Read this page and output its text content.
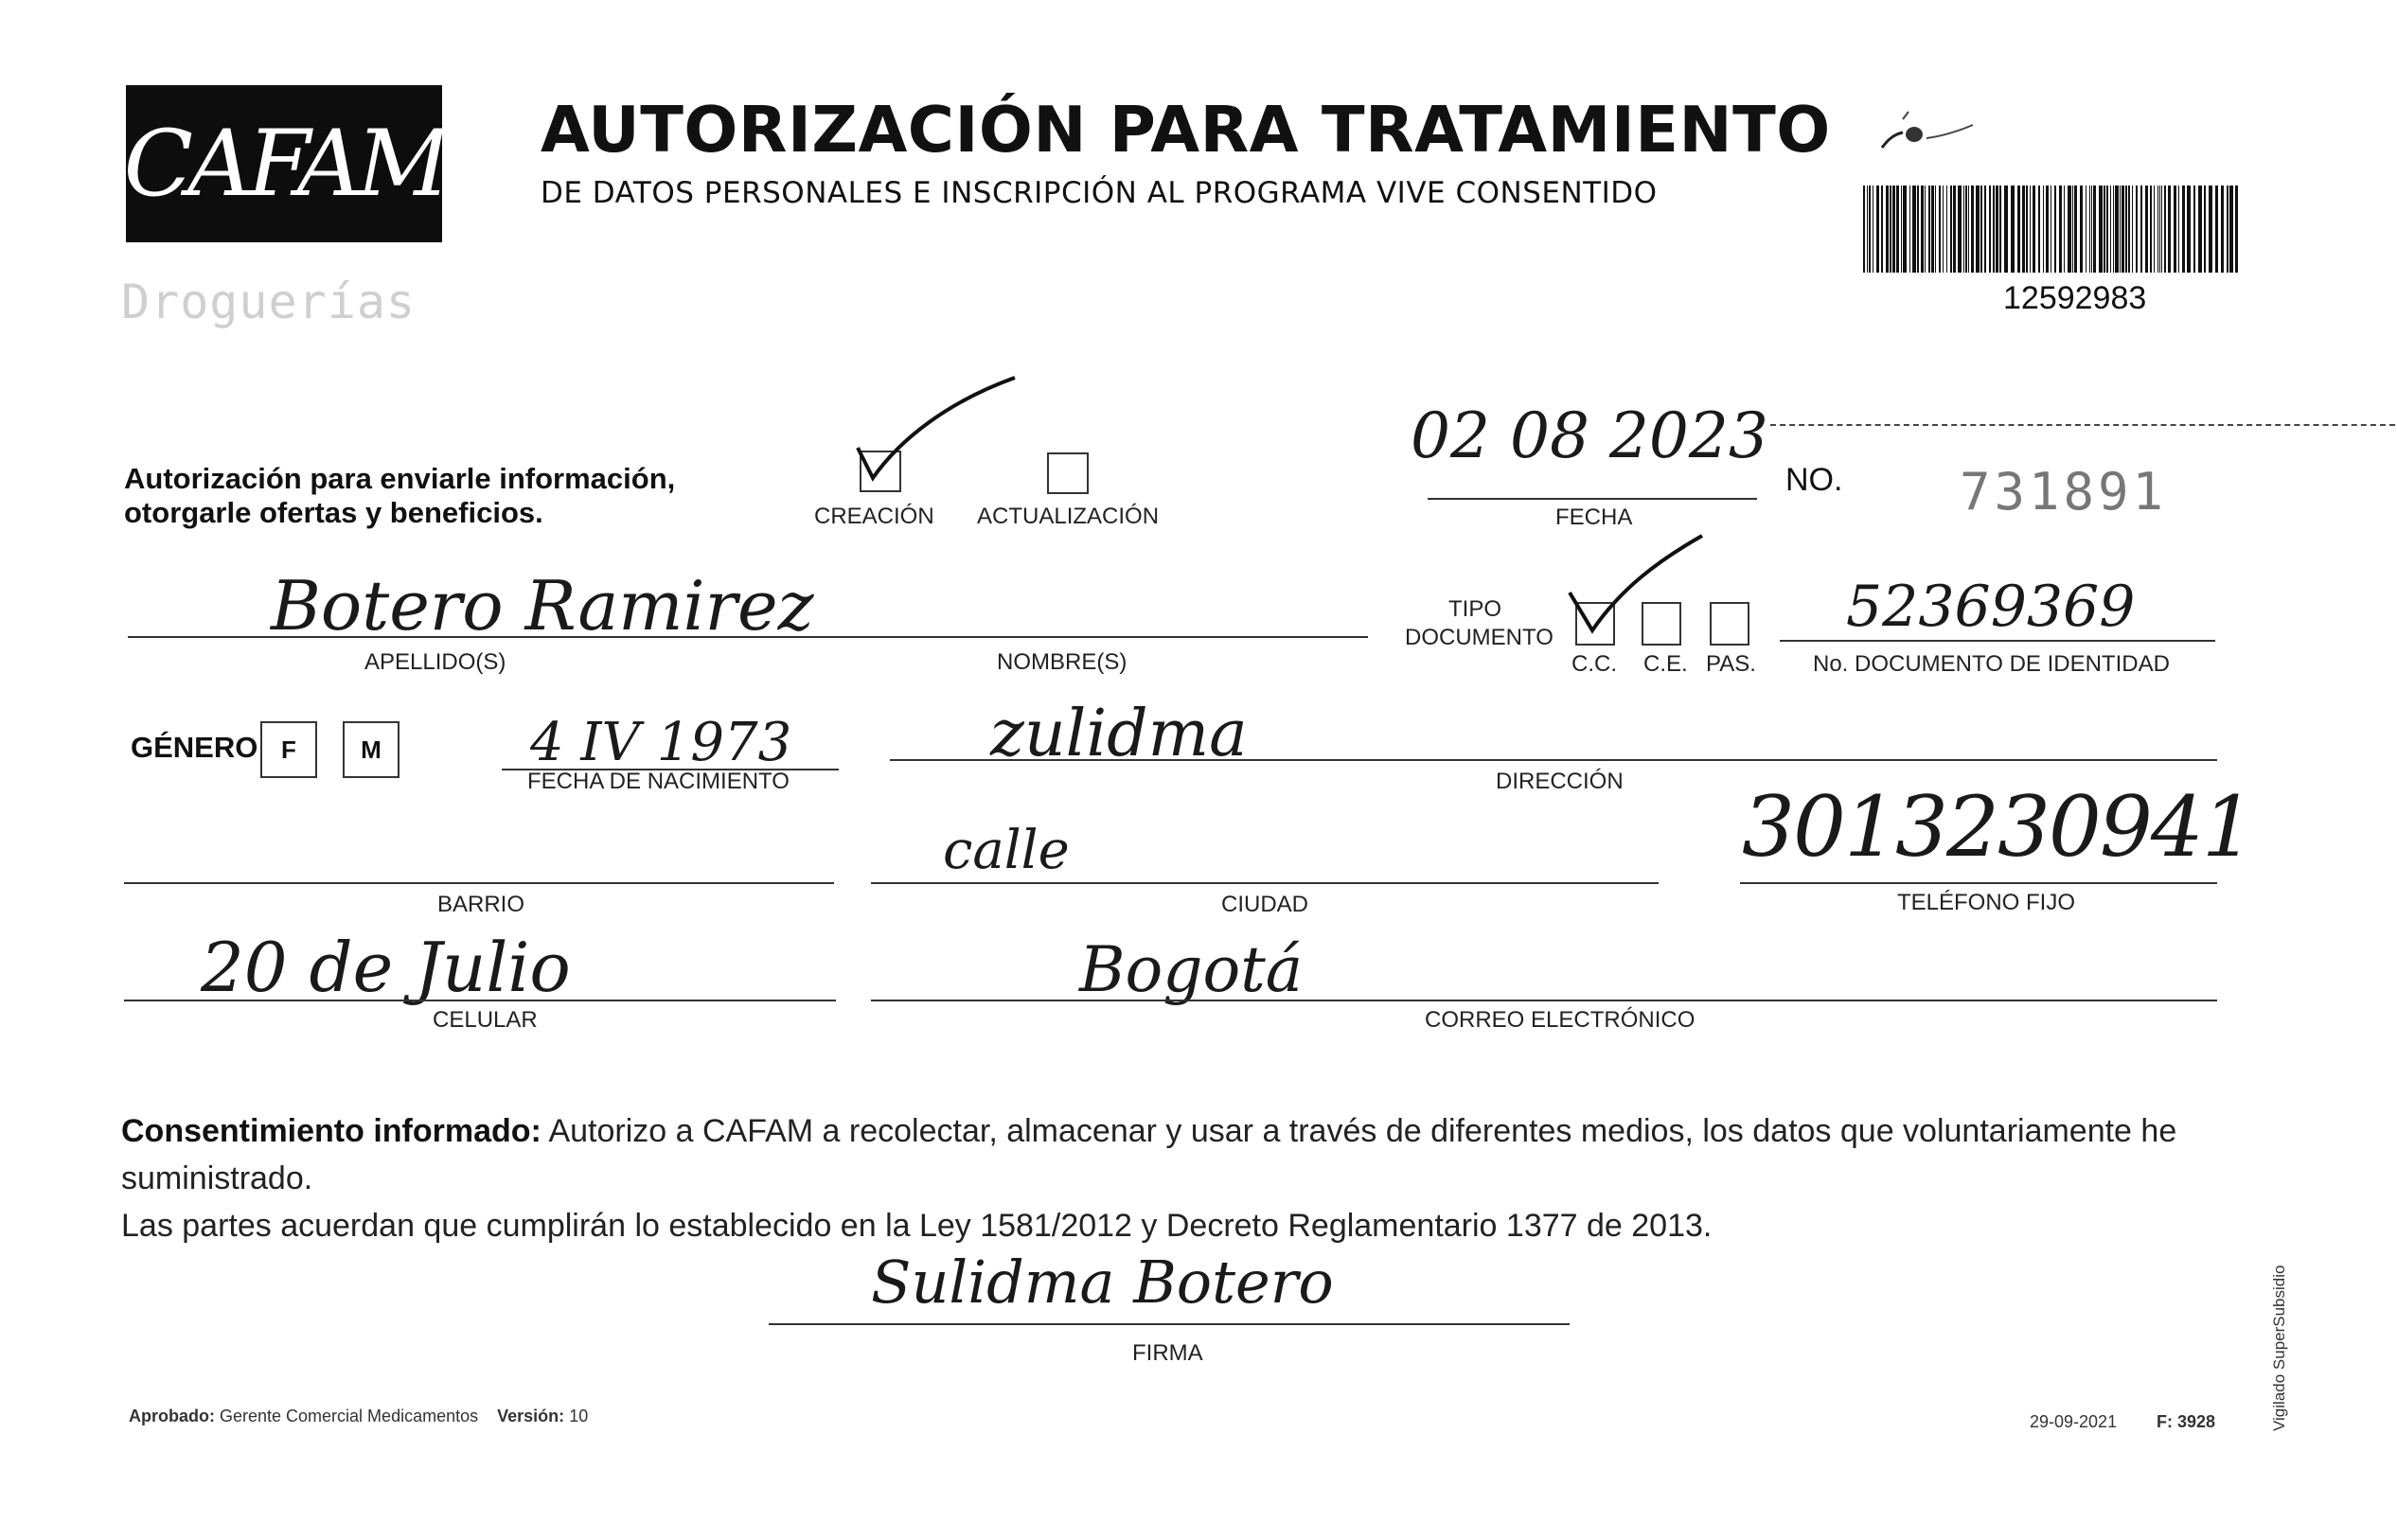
CAFAM
Droguerías
AUTORIZACIÓN PARA TRATAMIENTO
DE DATOS PERSONALES E INSCRIPCIÓN AL PROGRAMA VIVE CONSENTIDO
12592983
Autorización para enviarle información,
otorgarle ofertas y beneficios.	CREACIÓN ACTUALIZACIÓN
02 08 2023
FECHA
NO. 731891
Botero Ramirez
APELLIDO(S)	NOMBRE(S)
TIPO
DOCUMENTO
C.C. C.E. PAS.
52369369
No. DOCUMENTO DE IDENTIDAD
GÉNERO F	M	4 IV 1973
FECHA DE NACIMIENTO
zulidma
DIRECCIÓN
BARRIO
calle
CIUDAD
3013230941
TELÉFONO FIJO
20 de Julio
CELULAR
Bogotá
CORREO ELECTRÓNICO
Consentimiento informado: Autorizo a CAFAM a recolectar, almacenar y usar a través de diferentes medios, los datos que voluntariamente he suministrado.
Las partes acuerdan que cumplirán lo establecido en la Ley 1581/2012 y Decreto Reglamentario 1377 de 2013.
Sulidma Botero
FIRMA
Aprobado: Gerente Comercial Medicamentos Versión: 10	29-09-2021 F: 3928	Vigilado SuperSubsidio
